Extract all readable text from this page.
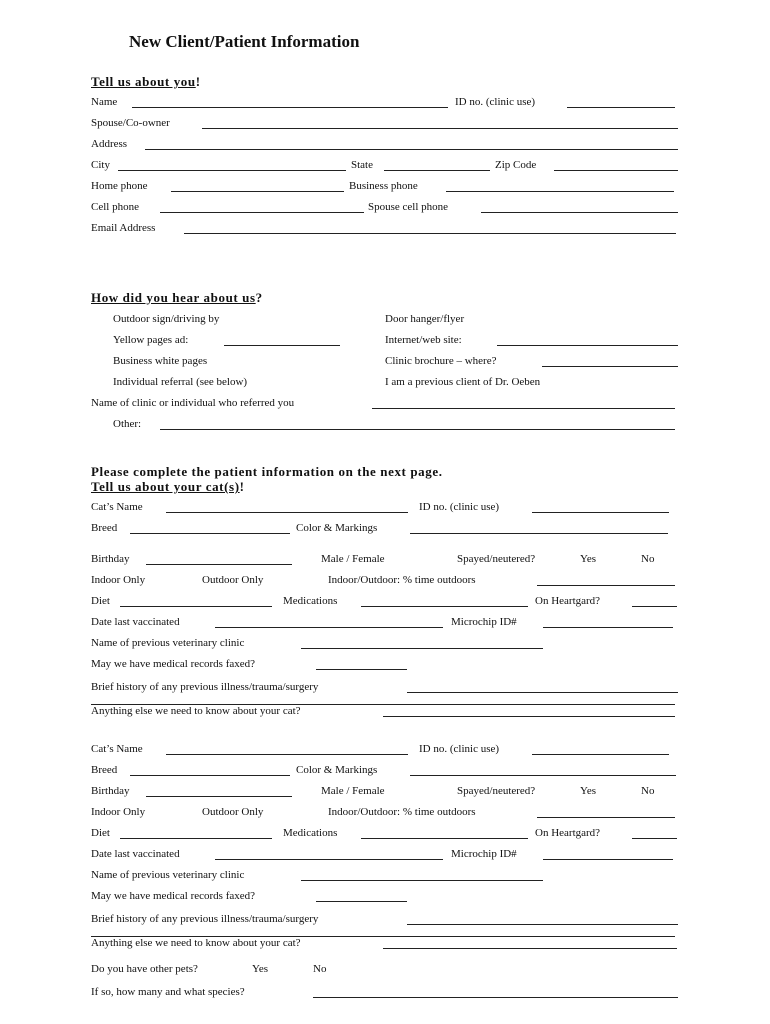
New Client/Patient Information
Tell us about you!
Name	ID no. (clinic use)
Spouse/Co-owner
Address
City	State	Zip Code
Home phone	Business phone
Cell phone	Spouse cell phone
Email Address
How did you hear about us?
Outdoor sign/driving by	Door hanger/flyer
Yellow pages ad:	Internet/web site:
Business white pages	Clinic brochure – where?
Individual referral (see below)	I am a previous client of Dr. Oeben
Name of clinic or individual who referred you
Other:
Please complete the patient information on the next page.
Tell us about your cat(s)!
Cat’s Name	ID no. (clinic use)
Breed	Color & Markings
Birthday	Male / Female	Spayed/neutered?	Yes	No
Indoor Only	Outdoor Only	Indoor/Outdoor: % time outdoors
Diet	Medications	On Heartgard?
Date last vaccinated	Microchip ID#
Name of previous veterinary clinic
May we have medical records faxed?
Brief history of any previous illness/trauma/surgery
Anything else we need to know about your cat?
Cat’s Name	ID no. (clinic use)
Breed	Color & Markings
Birthday	Male / Female	Spayed/neutered?	Yes	No
Indoor Only	Outdoor Only	Indoor/Outdoor: % time outdoors
Diet	Medications	On Heartgard?
Date last vaccinated	Microchip ID#
Name of previous veterinary clinic
May we have medical records faxed?
Brief history of any previous illness/trauma/surgery
Anything else we need to know about your cat?
Do you have other pets?	Yes	No
If so, how many and what species?
